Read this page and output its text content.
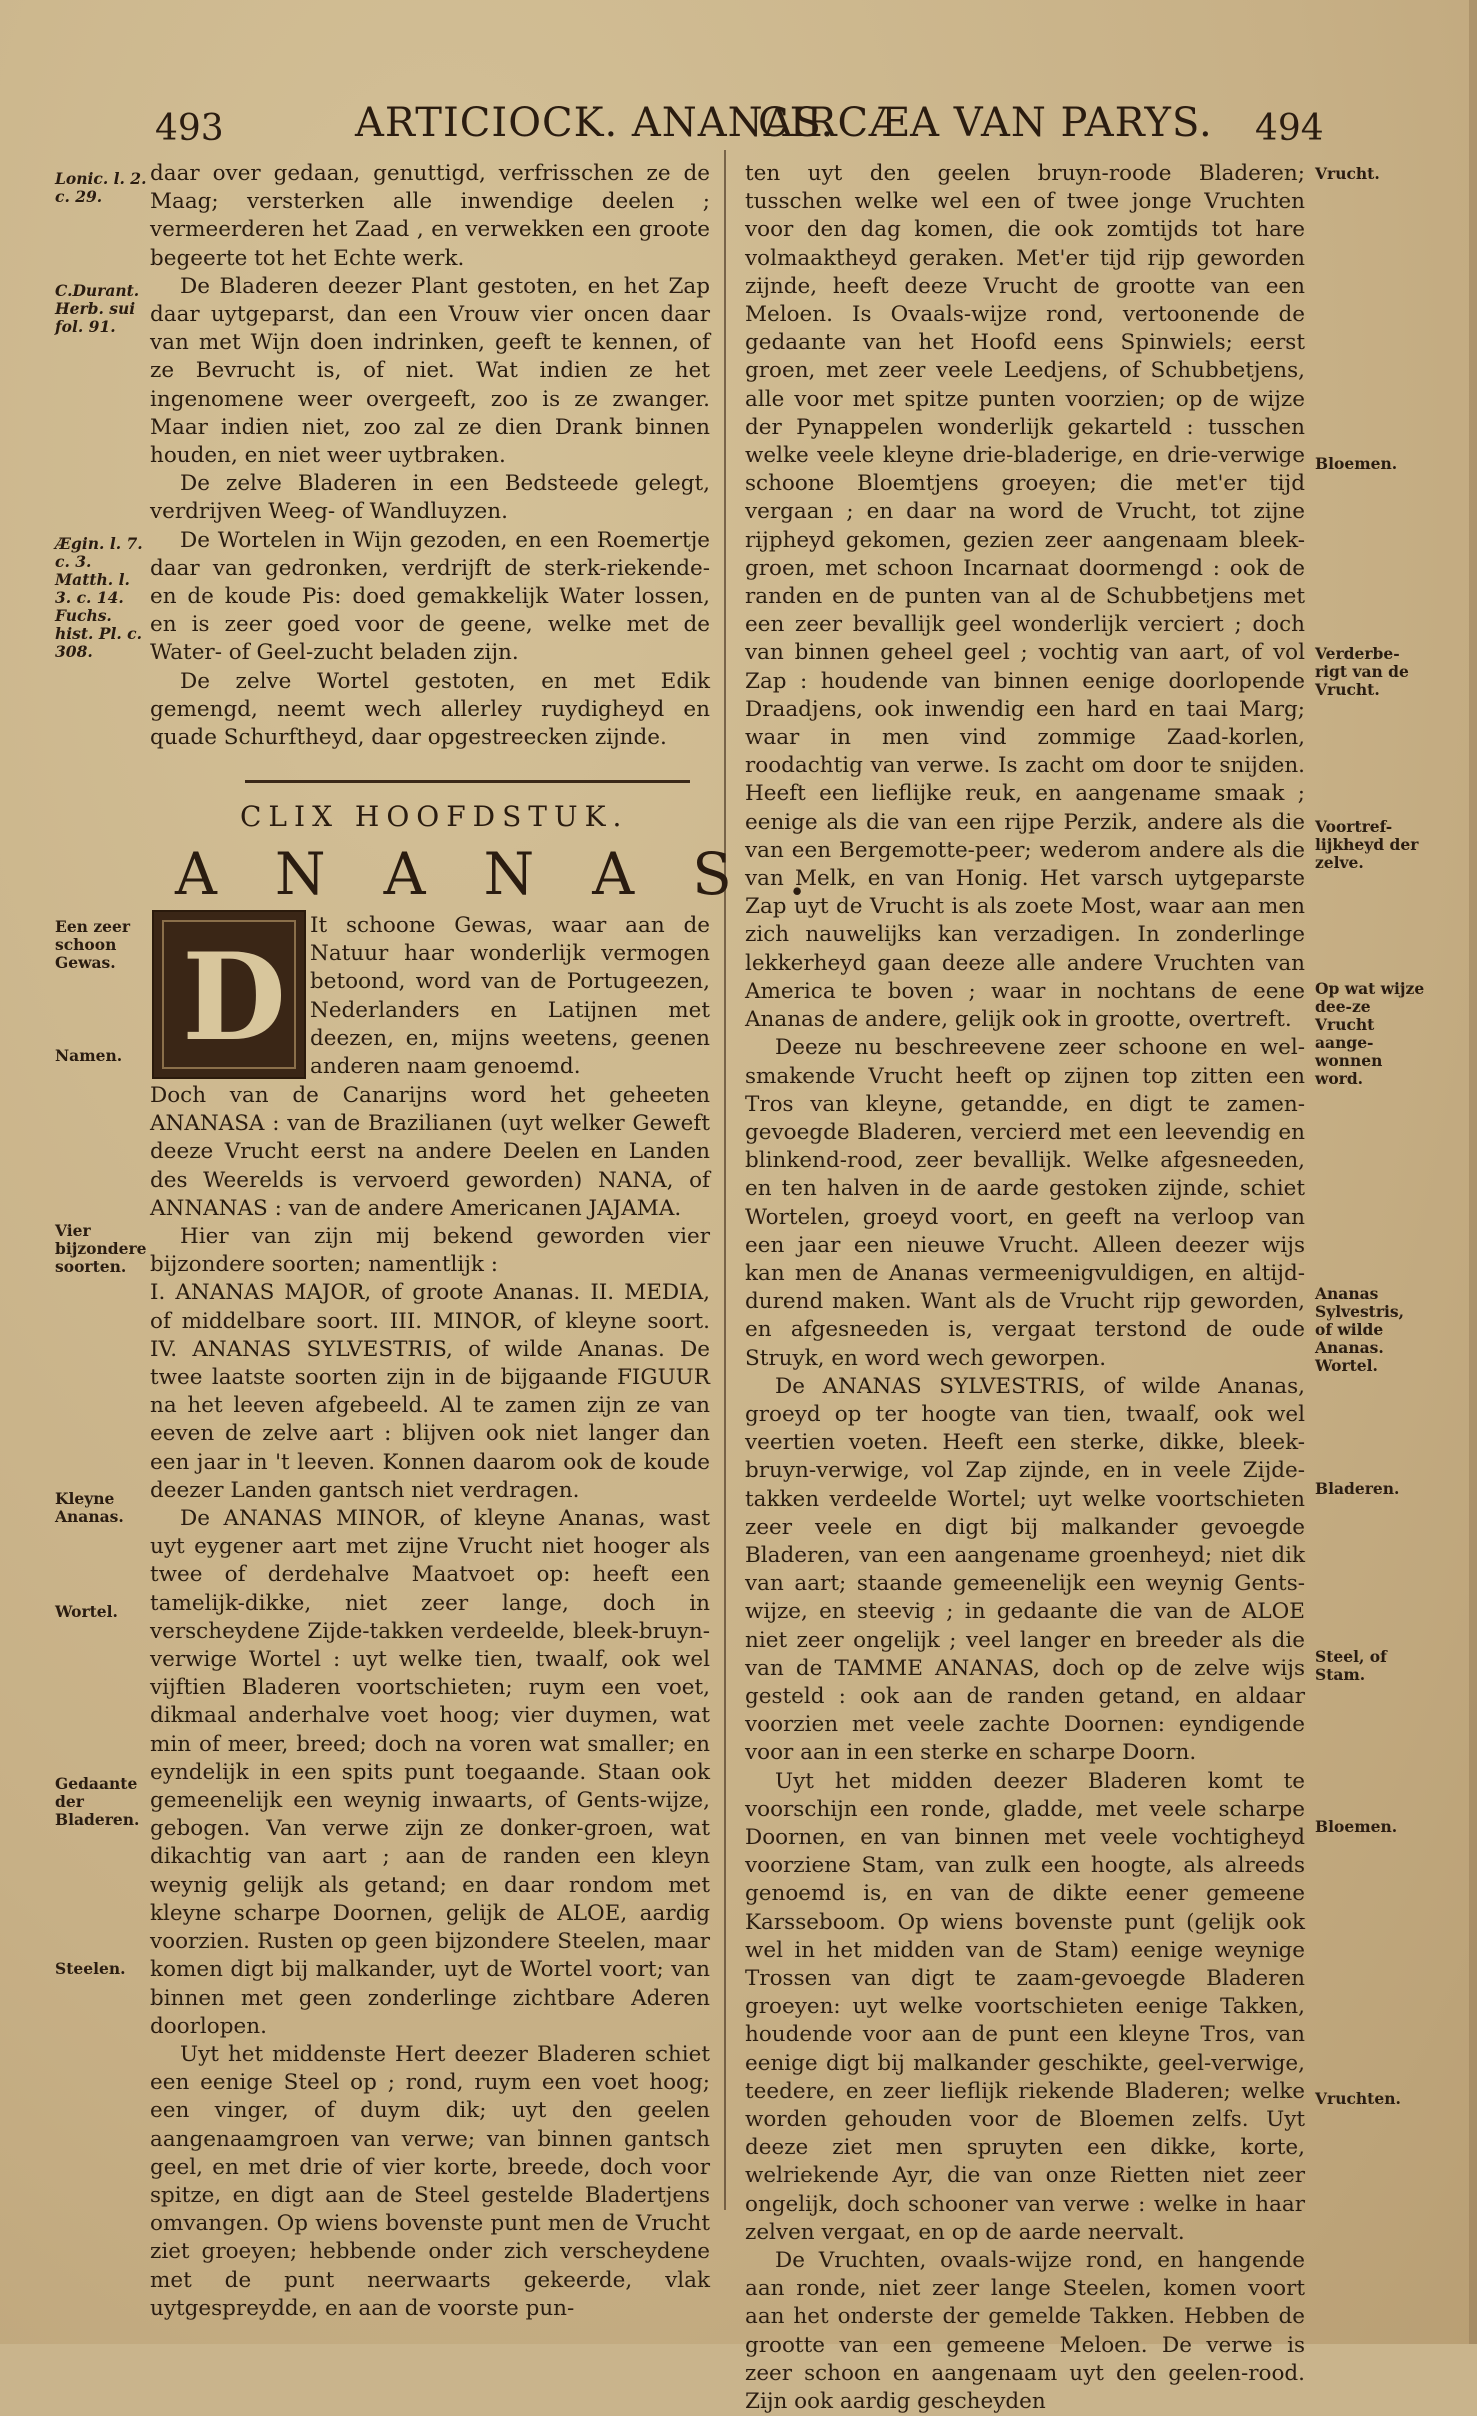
493	ARTICIOCK. ANANAS.
CIRCÆA VAN PARYS. 494
Lonic. l. 2. c. 29.
C.Durant. Herb. sui fol. 91.
Ægin. l. 7. c. 3. Matth. l. 3. c. 14. Fuchs. hist. Pl. c. 308.
Een zeer schoon Gewas.
Namen.
Vier bijzondere soorten.
Kleyne Ananas.
Wortel.
Gedaante der Bladeren.
Steelen.

daar over gedaan, genuttigd, verfrisschen ze de Maag; versterken alle inwendige deelen ; vermeerderen het Zaad , en verwekken een groote begeerte tot het Echte werk.

De Bladeren deezer Plant gestoten, en het Zap daar uytgeparst, dan een Vrouw vier oncen daar van met Wijn doen indrinken, geeft te kennen, of ze Bevrucht is, of niet. Wat indien ze het ingenomene weer overgeeft, zoo is ze zwanger. Maar indien niet, zoo zal ze dien Drank binnen houden, en niet weer uytbraken.

De zelve Bladeren in een Bedsteede gelegt, verdrijven Weeg- of Wandluyzen.

De Wortelen in Wijn gezoden, en een Roemertje daar van gedronken, verdrijft de sterk-riekende- en de koude Pis: doed gemakkelijk Water lossen, en is zeer goed voor de geene, welke met de Water- of Geel-zucht beladen zijn.

De zelve Wortel gestoten, en met Edik gemengd, neemt wech allerley ruydigheyd en quade Schurftheyd, daar opgestreecken zijnde.

CLIX HOOFDSTUK.
ANANAS.
D

It schoone Gewas, waar aan de Natuur haar wonderlijk vermogen betoond, word van de Portugeezen, Nederlanders en Latijnen met deezen, en, mijns weetens, geenen anderen naam genoemd.

Doch van de Canarijns word het geheeten ANANASA : van de Brazilianen (uyt welker Geweft deeze Vrucht eerst na andere Deelen en Landen des Weerelds is vervoerd geworden) NANA, of ANNANAS : van de andere Americanen JAJAMA.

Hier van zijn mij bekend geworden vier bijzondere soorten; namentlijk :

I. ANANAS MAJOR, of groote Ananas. II. MEDIA, of middelbare soort. III. MINOR, of kleyne soort. IV. ANANAS SYLVESTRIS, of wilde Ananas. De twee laatste soorten zijn in de bijgaande FIGUUR na het leeven afgebeeld. Al te zamen zijn ze van eeven de zelve aart : blijven ook niet langer dan een jaar in 't leeven. Konnen daarom ook de koude deezer Landen gantsch niet verdragen.

De ANANAS MINOR, of kleyne Ananas, wast uyt eygener aart met zijne Vrucht niet hooger als twee of derdehalve Maatvoet op: heeft een tamelijk-dikke, niet zeer lange, doch in verscheydene Zijde-takken verdeelde, bleek-bruyn-verwige Wortel : uyt welke tien, twaalf, ook wel vijftien Bladeren voortschieten; ruym een voet, dikmaal anderhalve voet hoog; vier duymen, wat min of meer, breed; doch na voren wat smaller; en eyndelijk in een spits punt toegaande. Staan ook gemeenelijk een weynig inwaarts, of Gents-wijze, gebogen. Van verwe zijn ze donker-groen, wat dikachtig van aart ; aan de randen een kleyn weynig gelijk als getand; en daar rondom met kleyne scharpe Doornen, gelijk de ALOE, aardig voorzien. Rusten op geen bijzondere Steelen, maar komen digt bij malkander, uyt de Wortel voort; van binnen met geen zonderlinge zichtbare Aderen doorlopen.

Uyt het middenste Hert deezer Bladeren schiet een eenige Steel op ; rond, ruym een voet hoog; een vinger, of duym dik; uyt den geelen aangenaamgroen van verwe; van binnen gantsch geel, en met drie of vier korte, breede, doch voor spitze, en digt aan de Steel gestelde Bladertjens omvangen. Op wiens bovenste punt men de Vrucht ziet groeyen; hebbende onder zich verscheydene met de punt neerwaarts gekeerde, vlak uytgespreydde, en aan de voorste pun-

ten uyt den geelen bruyn-roode Bladeren; tusschen welke wel een of twee jonge Vruchten voor den dag komen, die ook zomtijds tot hare volmaaktheyd geraken. Met'er tijd rijp geworden zijnde, heeft deeze Vrucht de grootte van een Meloen. Is Ovaals-wijze rond, vertoonende de gedaante van het Hoofd eens Spinwiels; eerst groen, met zeer veele Leedjens, of Schubbetjens, alle voor met spitze punten voorzien; op de wijze der Pynappelen wonderlijk gekarteld : tusschen welke veele kleyne drie-bladerige, en drie-verwige schoone Bloemtjens groeyen; die met'er tijd vergaan ; en daar na word de Vrucht, tot zijne rijpheyd gekomen, gezien zeer aangenaam bleek-groen, met schoon Incarnaat doormengd : ook de randen en de punten van al de Schubbetjens met een zeer bevallijk geel wonderlijk verciert ; doch van binnen geheel geel ; vochtig van aart, of vol Zap : houdende van binnen eenige doorlopende Draadjens, ook inwendig een hard en taai Marg; waar in men vind zommige Zaad-korlen, roodachtig van verwe. Is zacht om door te snijden. Heeft een lieflijke reuk, en aangename smaak ; eenige als die van een rijpe Perzik, andere als die van een Bergemotte-peer; wederom andere als die van Melk, en van Honig. Het varsch uytgeparste Zap uyt de Vrucht is als zoete Most, waar aan men zich nauwelijks kan verzadigen. In zonderlinge lekkerheyd gaan deeze alle andere Vruchten van America te boven ; waar in nochtans de eene Ananas de andere, gelijk ook in grootte, overtreft.

Deeze nu beschreevene zeer schoone en wel-smakende Vrucht heeft op zijnen top zitten een Tros van kleyne, getandde, en digt te zamen-gevoegde Bladeren, vercierd met een leevendig en blinkend-rood, zeer bevallijk. Welke afgesneeden, en ten halven in de aarde gestoken zijnde, schiet Wortelen, groeyd voort, en geeft na verloop van een jaar een nieuwe Vrucht. Alleen deezer wijs kan men de Ananas vermeenigvuldigen, en altijd-durend maken. Want als de Vrucht rijp geworden, en afgesneeden is, vergaat terstond de oude Struyk, en word wech geworpen.

De ANANAS SYLVESTRIS, of wilde Ananas, groeyd op ter hoogte van tien, twaalf, ook wel veertien voeten. Heeft een sterke, dikke, bleek-bruyn-verwige, vol Zap zijnde, en in veele Zijde-takken verdeelde Wortel; uyt welke voortschieten zeer veele en digt bij malkander gevoegde Bladeren, van een aangename groenheyd; niet dik van aart; staande gemeenelijk een weynig Gents-wijze, en steevig ; in gedaante die van de ALOE niet zeer ongelijk ; veel langer en breeder als die van de TAMME ANANAS, doch op de zelve wijs gesteld : ook aan de randen getand, en aldaar voorzien met veele zachte Doornen: eyndigende voor aan in een sterke en scharpe Doorn.

Uyt het midden deezer Bladeren komt te voorschijn een ronde, gladde, met veele scharpe Doornen, en van binnen met veele vochtigheyd voorziene Stam, van zulk een hoogte, als alreeds genoemd is, en van de dikte eener gemeene Karsseboom. Op wiens bovenste punt (gelijk ook wel in het midden van de Stam) eenige weynige Trossen van digt te zaam-gevoegde Bladeren groeyen: uyt welke voortschieten eenige Takken, houdende voor aan de punt een kleyne Tros, van eenige digt bij malkander geschikte, geel-verwige, teedere, en zeer lieflijk riekende Bladeren; welke worden gehouden voor de Bloemen zelfs. Uyt deeze ziet men spruyten een dikke, korte, welriekende Ayr, die van onze Rietten niet zeer ongelijk, doch schooner van verwe : welke in haar zelven vergaat, en op de aarde neervalt.

De Vruchten, ovaals-wijze rond, en hangende aan ronde, niet zeer lange Steelen, komen voort aan het onderste der gemelde Takken. Hebben de grootte van een gemeene Meloen. De verwe is zeer schoon en aangenaam uyt den geelen-rood. Zijn ook aardig gescheyden

Vrucht.
Bloemen.
Verderbe-rigt van de Vrucht.
Voortref-lijkheyd der zelve.
Op wat wijze dee-ze Vrucht aange-wonnen word.
Ananas Sylvestris, of wilde Ananas. Wortel.
Bladeren.
Steel, of Stam.
Bloemen.
Vruchten.
